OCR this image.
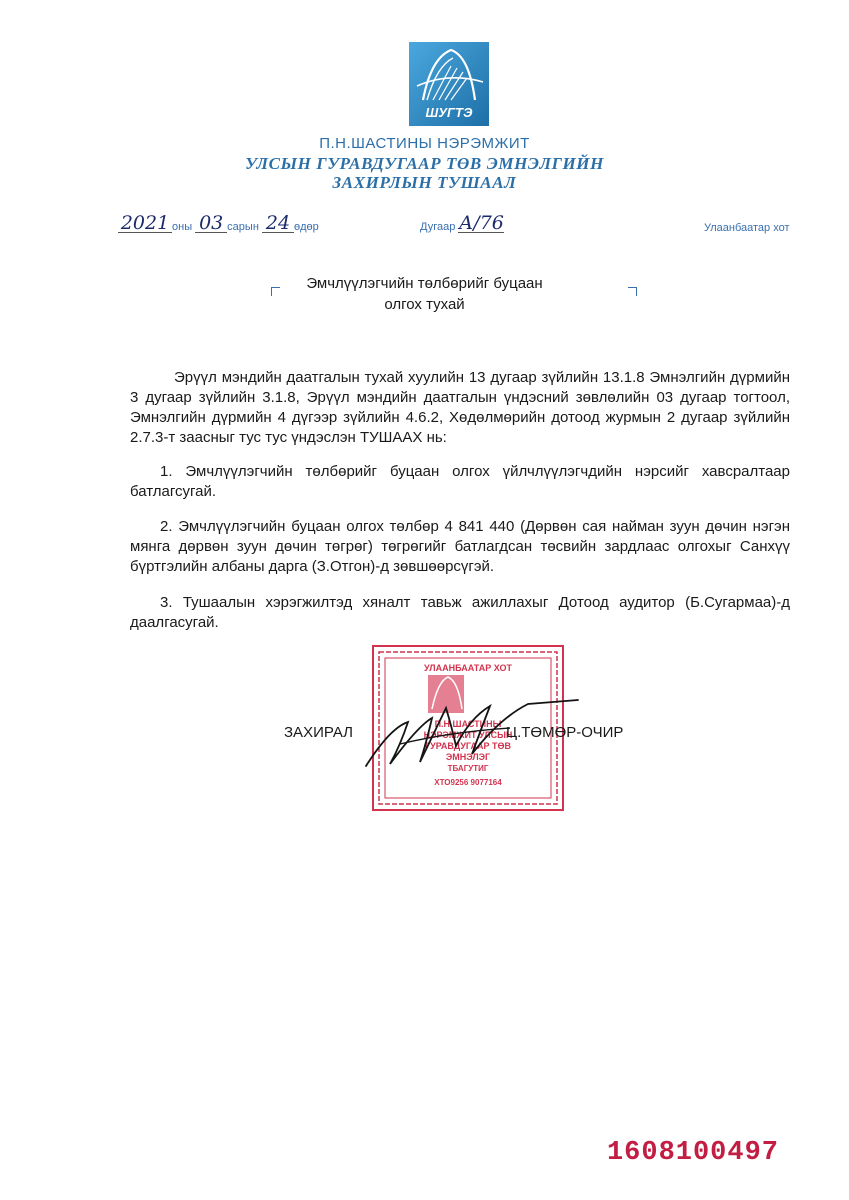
ШУГТЭ
П.Н.ШАСТИНЫ НЭРЭМЖИТ
УЛСЫН ГУРАВДУГААР ТӨВ ЭМНЭЛГИЙН
ЗАХИРЛЫН ТУШААЛ
2021 оны 03 сарын 24 өдөр	Дугаар А/76	Улаанбаатар хот
Эмчлүүлэгчийн төлбөрийг буцаан
олгох тухай
Эрүүл мэндийн даатгалын тухай хуулийн 13 дугаар зүйлийн 13.1.8 Эмнэлгийн дүрмийн 3 дугаар зүйлийн 3.1.8, Эрүүл мэндийн даатгалын үндэсний зөвлөлийн 03 дугаар тогтоол, Эмнэлгийн дүрмийн 4 дүгээр зүйлийн 4.6.2, Хөдөлмөрийн дотоод журмын 2 дугаар зүйлийн 2.7.3-т заасныг тус тус үндэслэн ТУШААХ нь:
1. Эмчлүүлэгчийн төлбөрийг буцаан олгох үйлчлүүлэгчдийн нэрсийг хавсралтаар батлагсугай.
2. Эмчлүүлэгчийн буцаан олгох төлбөр 4 841 440 (Дөрвөн сая найман зуун дөчин нэгэн мянга дөрвөн зуун дөчин төгрөг) төгрөгийг батлагдсан төсвийн зардлаас олгохыг Санхүү бүртгэлийн албаны дарга (З.Отгон)-д зөвшөөрсүгэй.
3. Тушаалын хэрэгжилтэд хяналт тавьж ажиллахыг Дотоод аудитор (Б.Сугармаа)-д даалгасугай.
УЛААНБААТАР ХОТ
П.Н.ШАСТИНЫ
НЭРЭМЖИТ УЛСЫН
ГУРАВДУГААР ТӨВ
ЭМНЭЛЭГ
ТБАГУТИГ
ХТО9256 9077164
ЗАХИРАЛ	Ц.ТӨМӨР-ОЧИР
1608100497
